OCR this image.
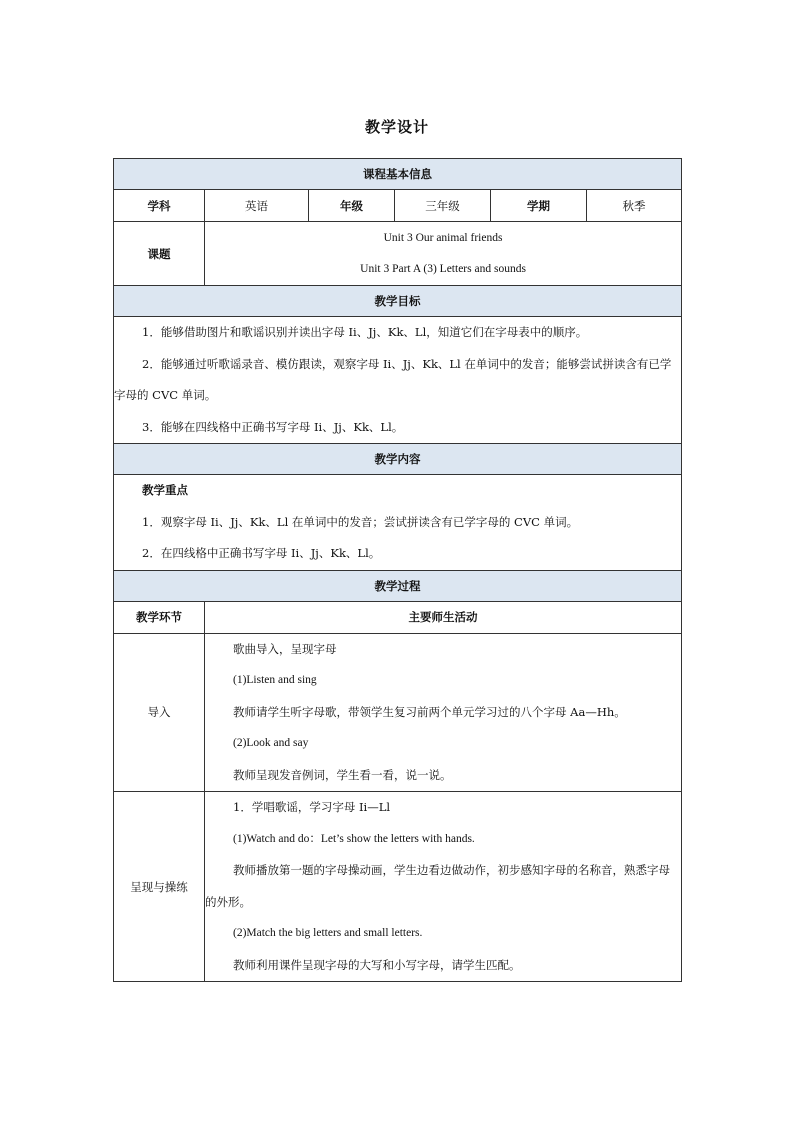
教学设计
课程基本信息					
学科	英语	年级	三年级	学期	秋季
课题	Unit 3 Our animal friends
Unit 3 Part A (3) Letters and sounds				

教学目标					

1．能够借助图片和歌谣识别并读出字母 Ii、Jj、Kk、Ll，知道它们在字母表中的顺序。
2．能够通过听歌谣录音、模仿跟读，观察字母 Ii、Jj、Kk、Ll 在单词中的发音；能够尝试拼读含有已学字母的 CVC 单词。
3．能够在四线格中正确书写字母 Ii、Jj、Kk、Ll。					

教学内容					

教学重点
1．观察字母 Ii、Jj、Kk、Ll 在单词中的发音；尝试拼读含有已学字母的 CVC 单词。
2．在四线格中正确书写字母 Ii、Jj、Kk、Ll。					

教学过程					
教学环节	主要师生活动				
导入	歌曲导入，呈现字母
(1)Listen and sing
教师请学生听字母歌，带领学生复习前两个单元学习过的八个字母 Aa—Hh。
(2)Look and say
教师呈现发音例词，学生看一看，说一说。				

呈现与操练	1．学唱歌谣，学习字母 Ii—Ll
(1)Watch and do：Let’s show the letters with hands.
教师播放第一题的字母操动画，学生边看边做动作，初步感知字母的名称音，熟悉字母的外形。
(2)Match the big letters and small letters.
教师利用课件呈现字母的大写和小写字母，请学生匹配。				
